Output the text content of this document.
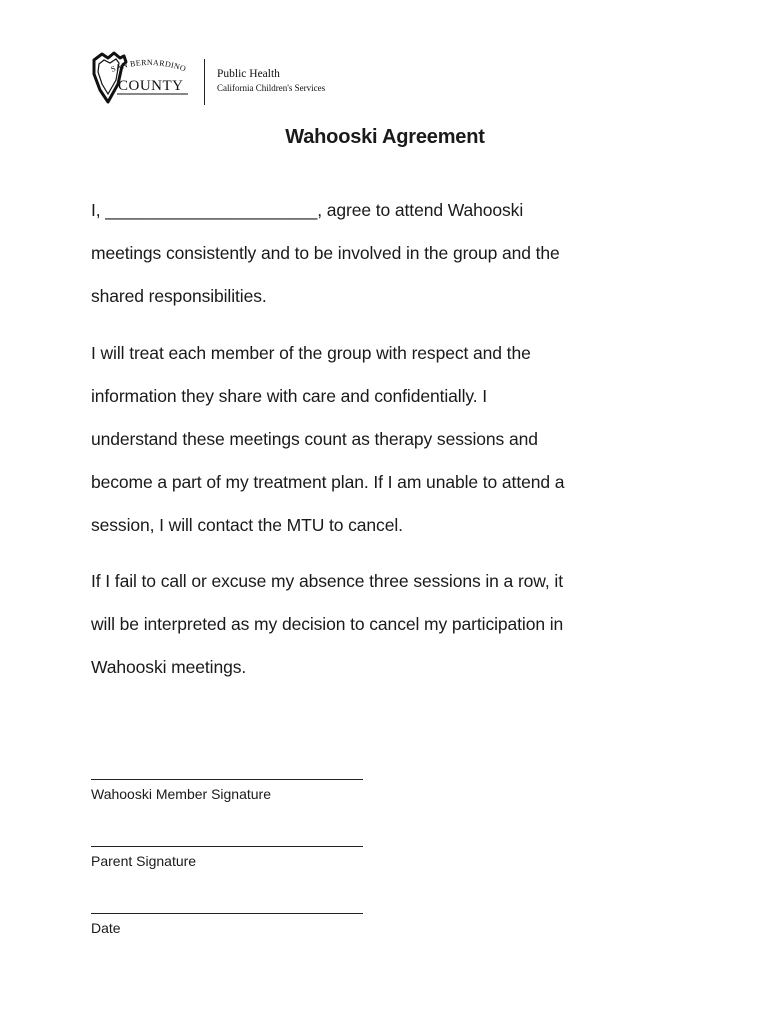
SAN BERNARDINO
COUNTY
Public Health
California Children's Services
Wahooski Agreement
I, ______________________, agree to attend Wahooski
meetings consistently and to be involved in the group and the
shared responsibilities.
I will treat each member of the group with respect and the
information they share with care and confidentially. I
understand these meetings count as therapy sessions and
become a part of my treatment plan. If I am unable to attend a
session, I will contact the MTU to cancel.
If I fail to call or excuse my absence three sessions in a row, it
will be interpreted as my decision to cancel my participation in
Wahooski meetings.
Wahooski Member Signature
Parent Signature
Date
